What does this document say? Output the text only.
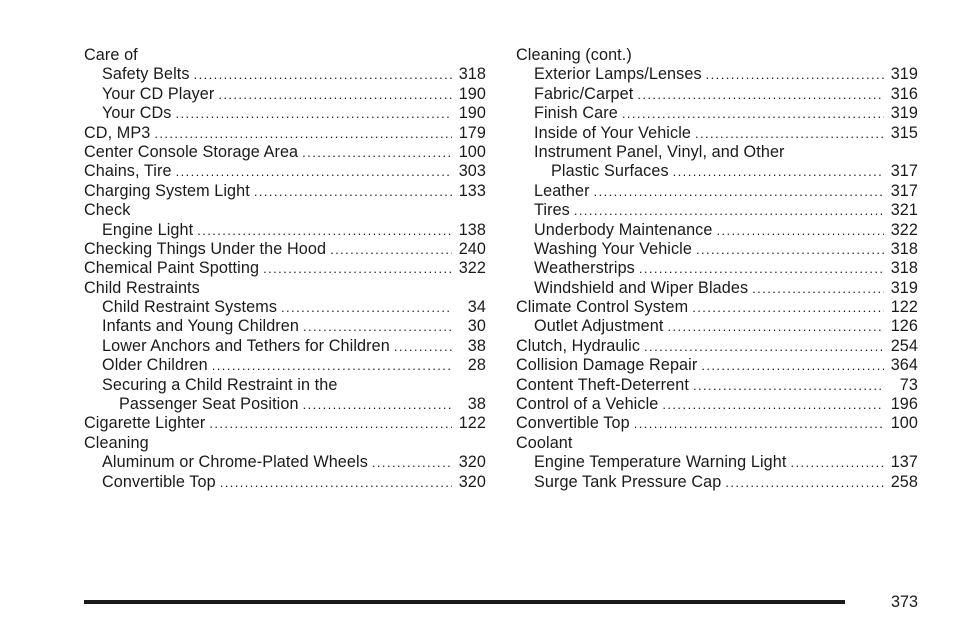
Care of
Safety Belts .....	318
Your CD Player .....	190
Your CDs .....	190
CD, MP3 .....	179
Center Console Storage Area .....	100
Chains, Tire .....	303
Charging System Light .....	133
Check
Engine Light .....	138
Checking Things Under the Hood .....	240
Chemical Paint Spotting .....	322
Child Restraints
Child Restraint Systems .....	34
Infants and Young Children .....	30
Lower Anchors and Tethers for Children .....	38
Older Children .....	28
Securing a Child Restraint in the
Passenger Seat Position .....	38
Cigarette Lighter .....	122
Cleaning
Aluminum or Chrome-Plated Wheels .....	320
Convertible Top .....	320
Cleaning (cont.)
Exterior Lamps/Lenses .....	319
Fabric/Carpet .....	316
Finish Care .....	319
Inside of Your Vehicle .....	315
Instrument Panel, Vinyl, and Other
Plastic Surfaces .....	317
Leather .....	317
Tires .....	321
Underbody Maintenance .....	322
Washing Your Vehicle .....	318
Weatherstrips .....	318
Windshield and Wiper Blades .....	319
Climate Control System .....	122
Outlet Adjustment .....	126
Clutch, Hydraulic .....	254
Collision Damage Repair .....	364
Content Theft-Deterrent .....	73
Control of a Vehicle .....	196
Convertible Top .....	100
Coolant
Engine Temperature Warning Light .....	137
Surge Tank Pressure Cap .....	258
373
